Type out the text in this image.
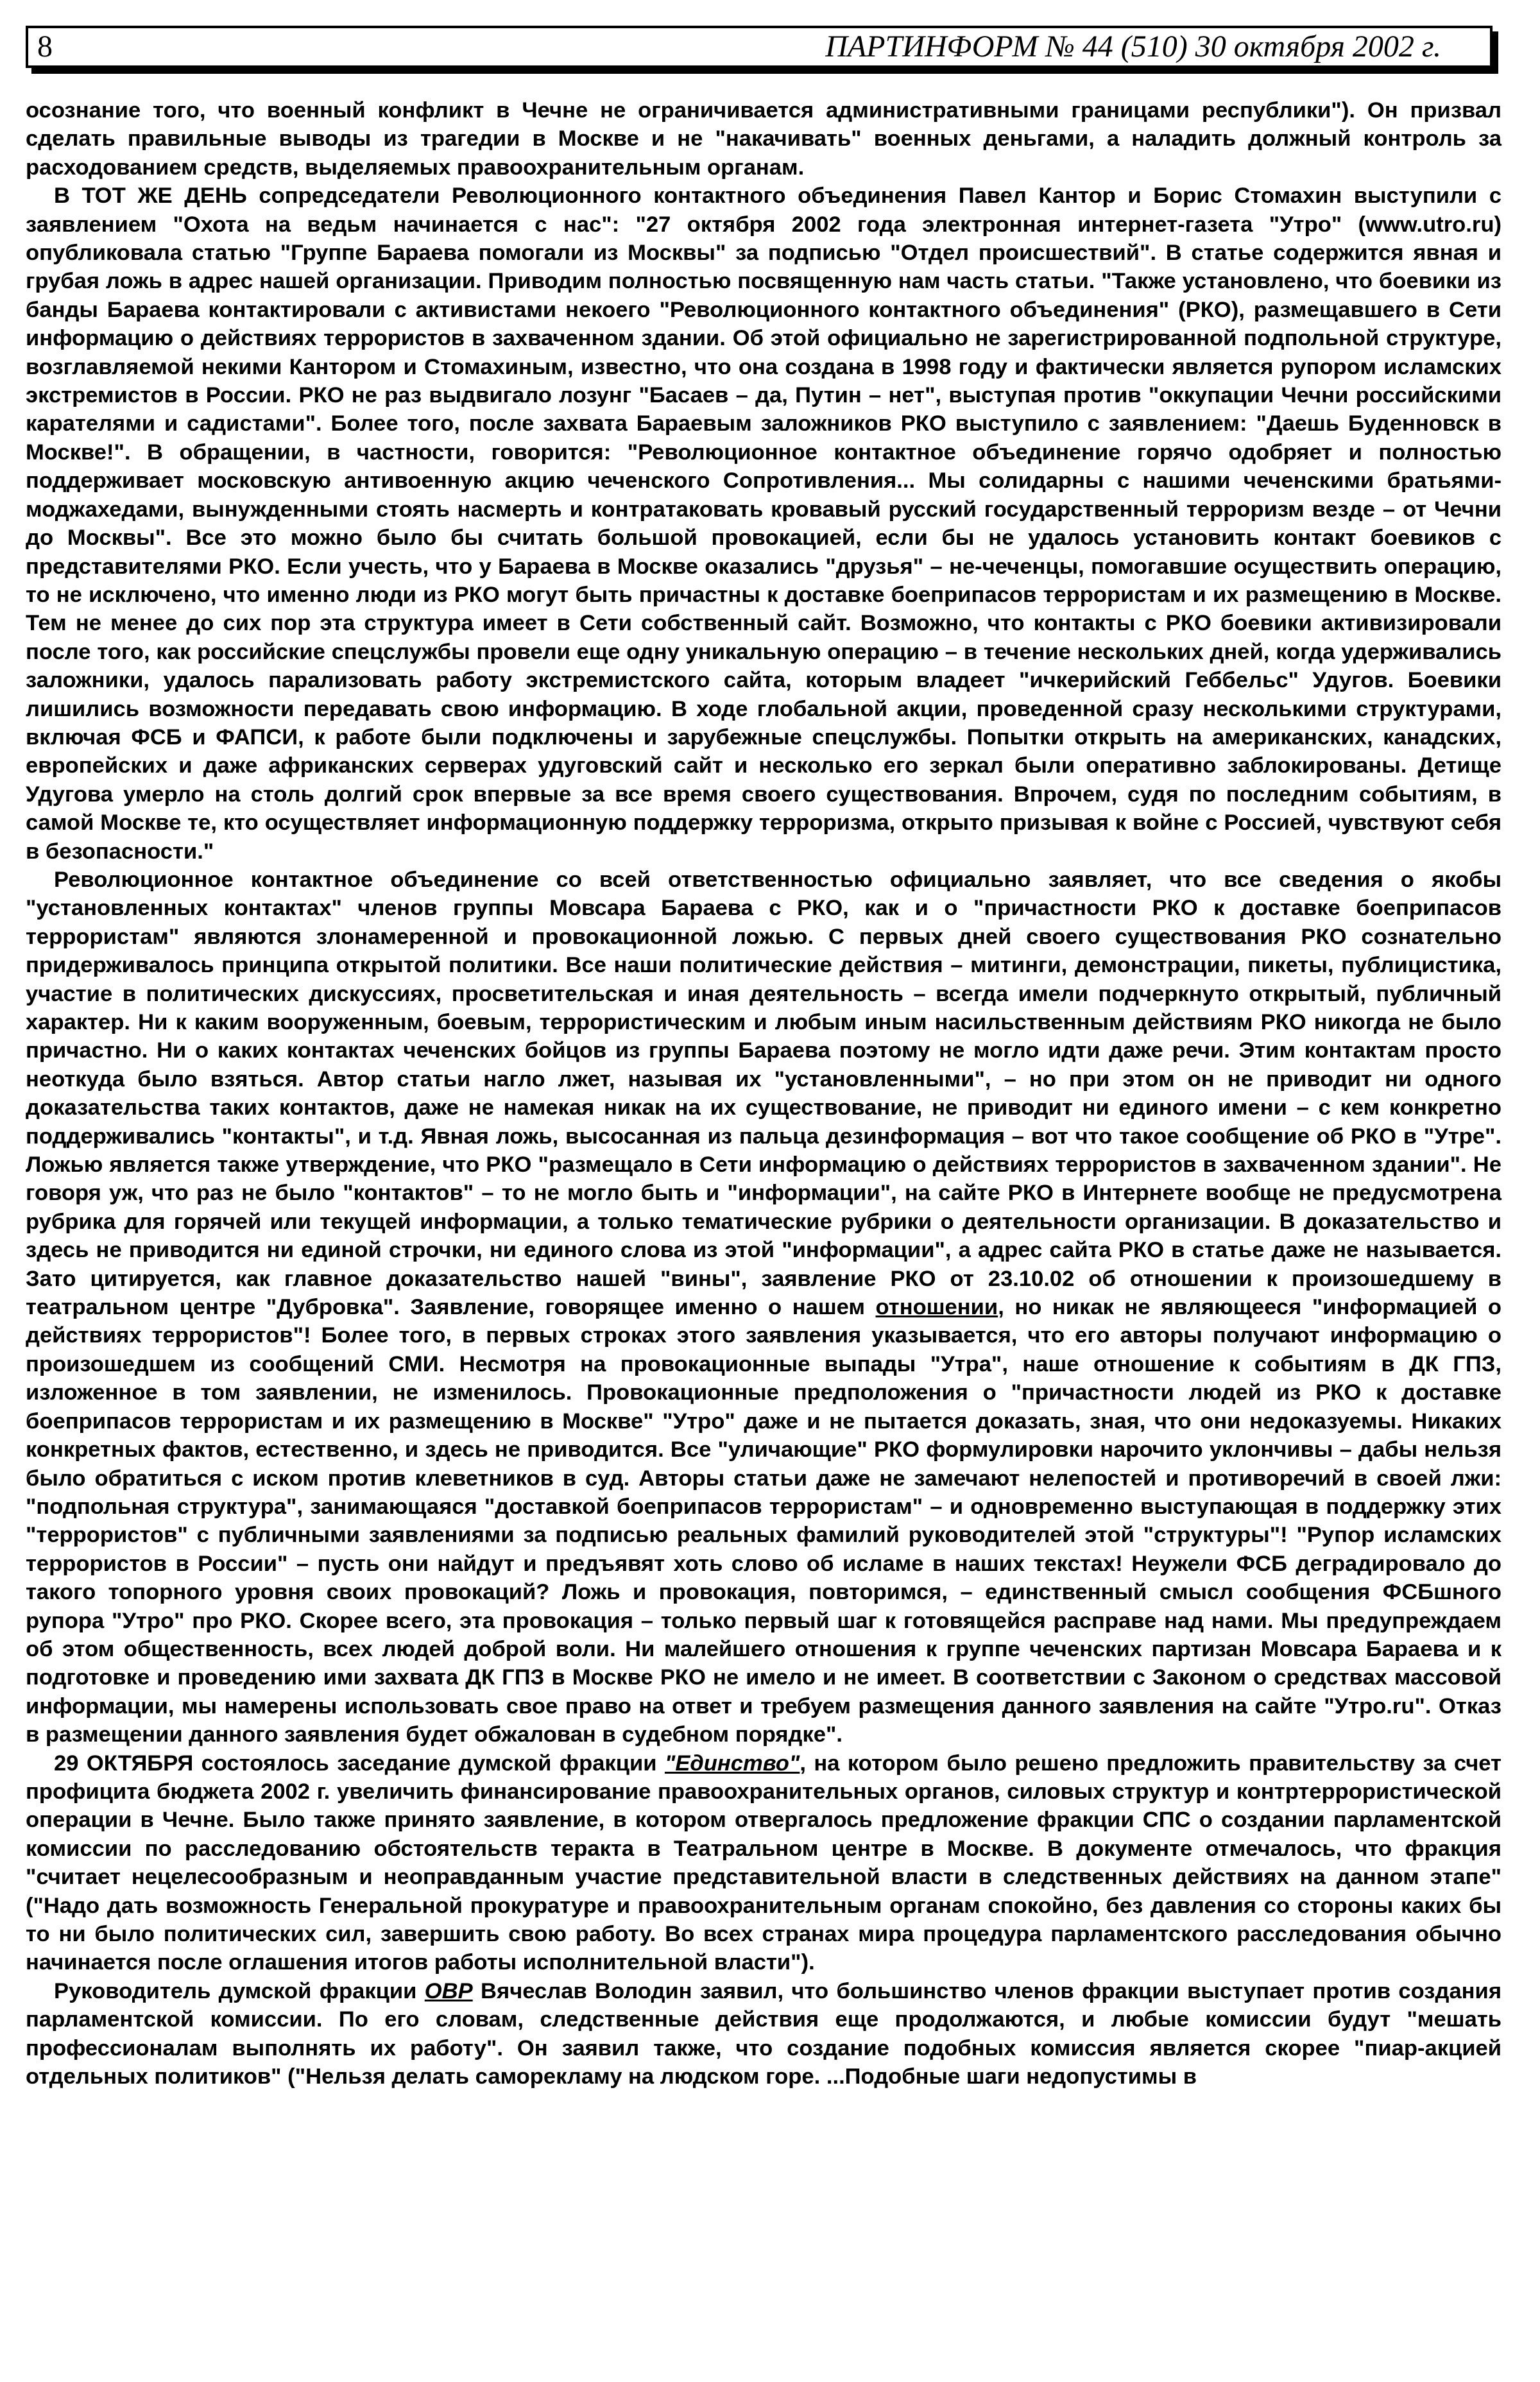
8	ПАРТИНФОРМ № 44 (510) 30 октября 2002 г.

осознание того, что военный конфликт в Чечне не ограничивается административными границами республики"). Он призвал сделать правильные выводы из трагедии в Москве и не "накачивать" военных деньгами, а наладить должный контроль за расходованием средств, выделяемых правоохранительным органам.

В ТОТ ЖЕ ДЕНЬ сопредседатели Революционного контактного объединения Павел Кантор и Борис Стомахин выступили с заявлением "Охота на ведьм начинается с нас": "27 октября 2002 года электронная интернет-газета "Утро" (www.utro.ru) опубликовала статью "Группе Бараева помогали из Москвы" за подписью "Отдел происшествий". В статье содержится явная и грубая ложь в адрес нашей организации. Приводим полностью посвященную нам часть статьи. "Также установлено, что боевики из банды Бараева контактировали с активистами некоего "Революционного контактного объединения" (РКО), размещавшего в Сети информацию о действиях террористов в захваченном здании. Об этой официально не зарегистрированной подпольной структуре, возглавляемой некими Кантором и Стомахиным, известно, что она создана в 1998 году и фактически является рупором исламских экстремистов в России. РКО не раз выдвигало лозунг "Басаев – да, Путин – нет", выступая против "оккупации Чечни российскими карателями и садистами". Более того, после захвата Бараевым заложников РКО выступило с заявлением: "Даешь Буденновск в Москве!". В обращении, в частности, говорится: "Революционное контактное объединение горячо одобряет и полностью поддерживает московскую антивоенную акцию чеченского Сопротивления... Мы солидарны с нашими чеченскими братьями-моджахедами, вынужденными стоять насмерть и контратаковать кровавый русский государственный терроризм везде – от Чечни до Москвы". Все это можно было бы считать большой провокацией, если бы не удалось установить контакт боевиков с представителями РКО. Если учесть, что у Бараева в Москве оказались "друзья" – не-чеченцы, помогавшие осуществить операцию, то не исключено, что именно люди из РКО могут быть причастны к доставке боеприпасов террористам и их размещению в Москве. Тем не менее до сих пор эта структура имеет в Сети собственный сайт. Возможно, что контакты с РКО боевики активизировали после того, как российские спецслужбы провели еще одну уникальную операцию – в течение нескольких дней, когда удерживались заложники, удалось парализовать работу экстремистского сайта, которым владеет "ичкерийский Геббельс" Удугов. Боевики лишились возможности передавать свою информацию. В ходе глобальной акции, проведенной сразу несколькими структурами, включая ФСБ и ФАПСИ, к работе были подключены и зарубежные спецслужбы. Попытки открыть на американских, канадских, европейских и даже африканских серверах удуговский сайт и несколько его зеркал были оперативно заблокированы. Детище Удугова умерло на столь долгий срок впервые за все время своего существования. Впрочем, судя по последним событиям, в самой Москве те, кто осуществляет информационную поддержку терроризма, открыто призывая к войне с Россией, чувствуют себя в безопасности."

Революционное контактное объединение со всей ответственностью официально заявляет, что все сведения о якобы "установленных контактах" членов группы Мовсара Бараева с РКО, как и о "причастности РКО к доставке боеприпасов террористам" являются злонамеренной и провокационной ложью. С первых дней своего существования РКО сознательно придерживалось принципа открытой политики. Все наши политические действия – митинги, демонстрации, пикеты, публицистика, участие в политических дискуссиях, просветительская и иная деятельность – всегда имели подчеркнуто открытый, публичный характер. Ни к каким вооруженным, боевым, террористическим и любым иным насильственным действиям РКО никогда не было причастно. Ни о каких контактах чеченских бойцов из группы Бараева поэтому не могло идти даже речи. Этим контактам просто неоткуда было взяться. Автор статьи нагло лжет, называя их "установленными", – но при этом он не приводит ни одного доказательства таких контактов, даже не намекая никак на их существование, не приводит ни единого имени – с кем конкретно поддерживались "контакты", и т.д. Явная ложь, высосанная из пальца дезинформация – вот что такое сообщение об РКО в "Утре". Ложью является также утверждение, что РКО "размещало в Сети информацию о действиях террористов в захваченном здании". Не говоря уж, что раз не было "контактов" – то не могло быть и "информации", на сайте РКО в Интернете вообще не предусмотрена рубрика для горячей или текущей информации, а только тематические рубрики о деятельности организации. В доказательство и здесь не приводится ни единой строчки, ни единого слова из этой "информации", а адрес сайта РКО в статье даже не называется. Зато цитируется, как главное доказательство нашей "вины", заявление РКО от 23.10.02 об отношении к произошедшему в театральном центре "Дубровка". Заявление, говорящее именно о нашем отношении, но никак не являющееся "информацией о действиях террористов"! Более того, в первых строках этого заявления указывается, что его авторы получают информацию о произошедшем из сообщений СМИ. Несмотря на провокационные выпады "Утра", наше отношение к событиям в ДК ГПЗ, изложенное в том заявлении, не изменилось. Провокационные предположения о "причастности людей из РКО к доставке боеприпасов террористам и их размещению в Москве" "Утро" даже и не пытается доказать, зная, что они недоказуемы. Никаких конкретных фактов, естественно, и здесь не приводится. Все "уличающие" РКО формулировки нарочито уклончивы – дабы нельзя было обратиться с иском против клеветников в суд. Авторы статьи даже не замечают нелепостей и противоречий в своей лжи: "подпольная структура", занимающаяся "доставкой боеприпасов террористам" – и одновременно выступающая в поддержку этих "террористов" с публичными заявлениями за подписью реальных фамилий руководителей этой "структуры"! "Рупор исламских террористов в России" – пусть они найдут и предъявят хоть слово об исламе в наших текстах! Неужели ФСБ деградировало до такого топорного уровня своих провокаций? Ложь и провокация, повторимся, – единственный смысл сообщения ФСБшного рупора "Утро" про РКО. Скорее всего, эта провокация – только первый шаг к готовящейся расправе над нами. Мы предупреждаем об этом общественность, всех людей доброй воли. Ни малейшего отношения к группе чеченских партизан Мовсара Бараева и к подготовке и проведению ими захвата ДК ГПЗ в Москве РКО не имело и не имеет. В соответствии с Законом о средствах массовой информации, мы намерены использовать свое право на ответ и требуем размещения данного заявления на сайте "Утро.ru". Отказ в размещении данного заявления будет обжалован в судебном порядке".

29 ОКТЯБРЯ состоялось заседание думской фракции "Единство", на котором было решено предложить правительству за счет профицита бюджета 2002 г. увеличить финансирование правоохранительных органов, силовых структур и контртеррористической операции в Чечне. Было также принято заявление, в котором отвергалось предложение фракции СПС о создании парламентской комиссии по расследованию обстоятельств теракта в Театральном центре в Москве. В документе отмечалось, что фракция "считает нецелесообразным и неоправданным участие представительной власти в следственных действиях на данном этапе" ("Надо дать возможность Генеральной прокуратуре и правоохранительным органам спокойно, без давления со стороны каких бы то ни было политических сил, завершить свою работу. Во всех странах мира процедура парламентского расследования обычно начинается после оглашения итогов работы исполнительной власти").

Руководитель думской фракции ОВР Вячеслав Володин заявил, что большинство членов фракции выступает против создания парламентской комиссии. По его словам, следственные действия еще продолжаются, и любые комиссии будут "мешать профессионалам выполнять их работу". Он заявил также, что создание подобных комиссия является скорее "пиар-акцией отдельных политиков" ("Нельзя делать саморекламу на людском горе. ...Подобные шаги недопустимы в
